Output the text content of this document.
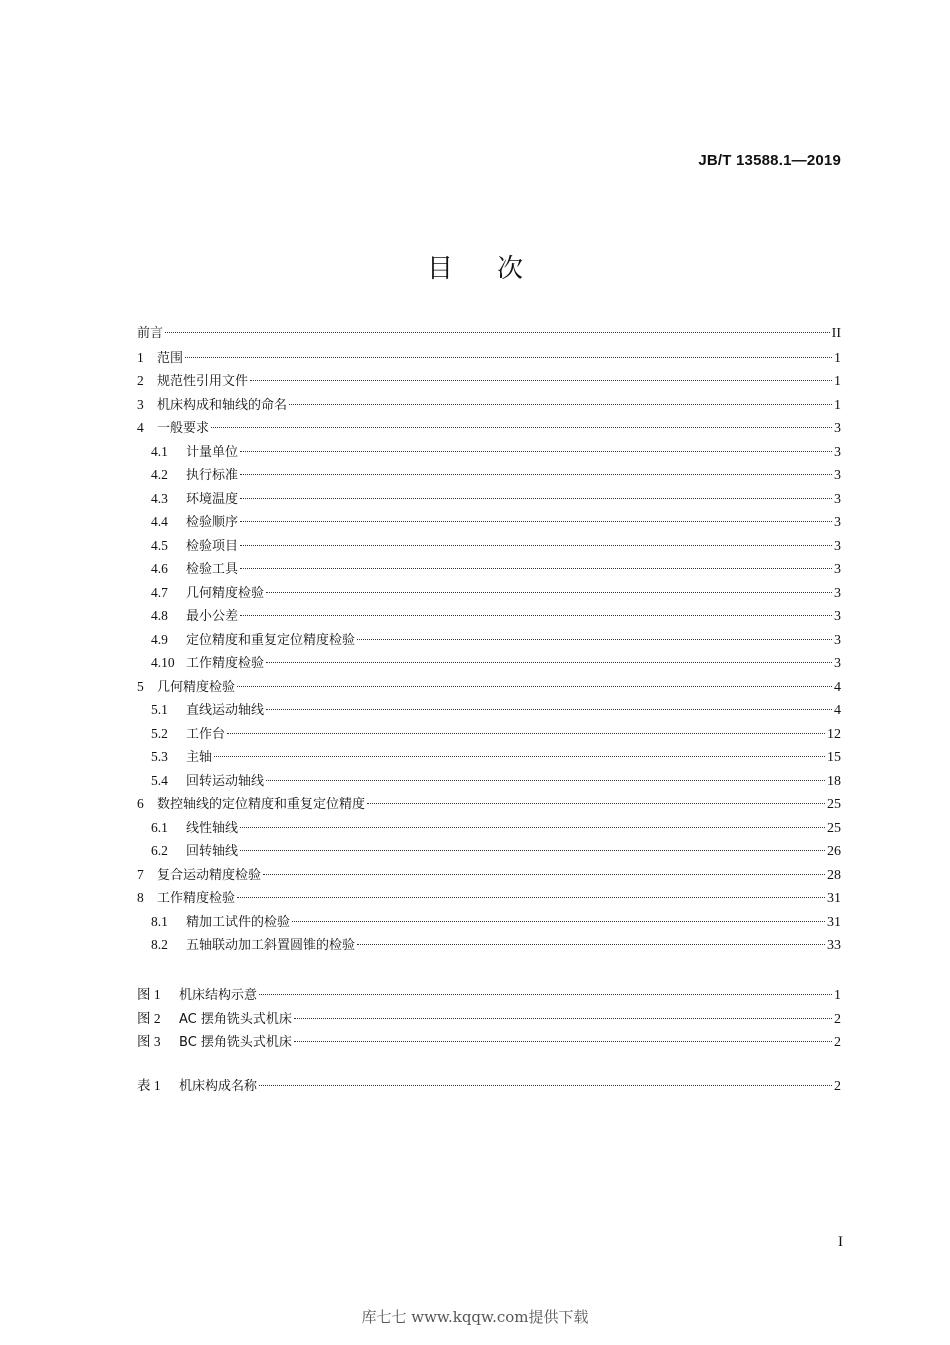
JB/T 13588.1—2019
目次
前言	II
1	范围	1
2	规范性引用文件	1
3	机床构成和轴线的命名	1
4	一般要求	3
4.1	计量单位	3
4.2	执行标准	3
4.3	环境温度	3
4.4	检验顺序	3
4.5	检验项目	3
4.6	检验工具	3
4.7	几何精度检验	3
4.8	最小公差	3
4.9	定位精度和重复定位精度检验	3
4.10 工作精度检验	3
5	几何精度检验	4
5.1	直线运动轴线	4
5.2	工作台	12
5.3	主轴	15
5.4	回转运动轴线	18
6	数控轴线的定位精度和重复定位精度	25
6.1	线性轴线	25
6.2	回转轴线	26
7	复合运动精度检验	28
8	工作精度检验	31
8.1	精加工试件的检验	31
8.2	五轴联动加工斜置圆锥的检验	33
图 1	机床结构示意	1
图 2	AC 摆角铣头式机床	2
图 3	BC 摆角铣头式机床	2
表 1	机床构成名称	2
I
库七七 www.kqqw.com提供下载
